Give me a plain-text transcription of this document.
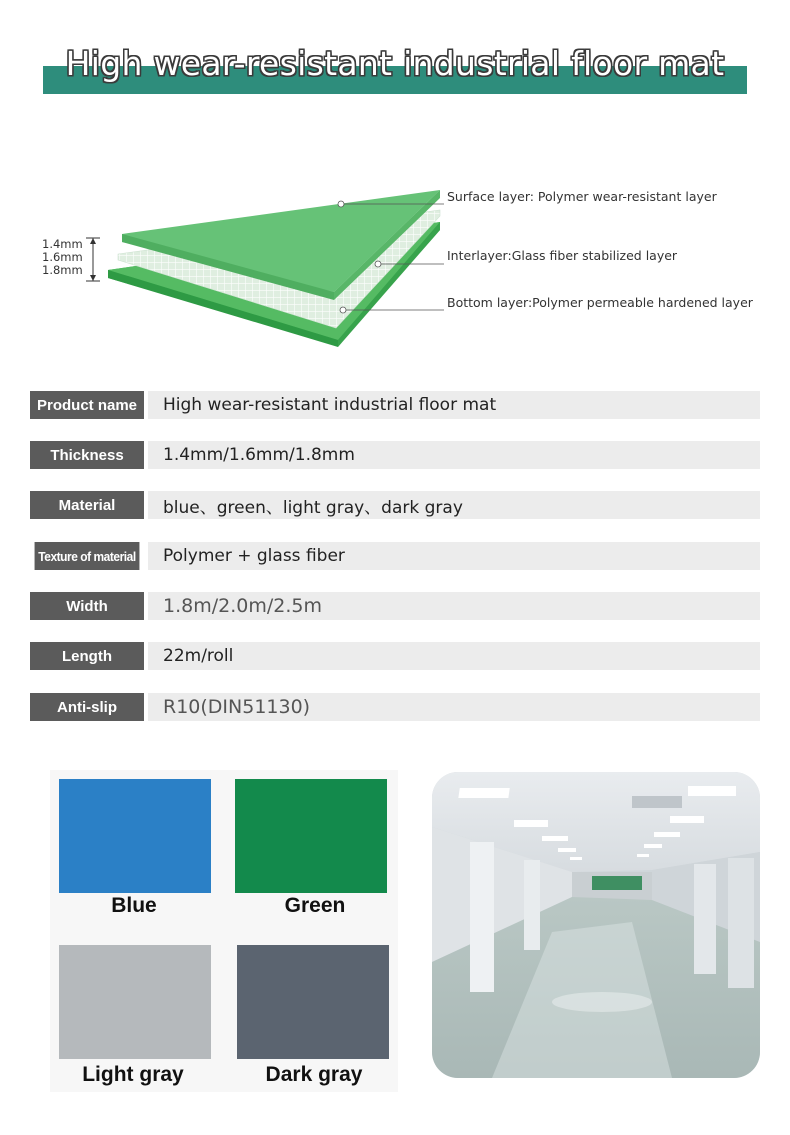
High wear-resistant industrial floor mat
1.4mm
1.6mm
1.8mm
Surface layer: Polymer wear-resistant layer
Interlayer:Glass fiber stabilized layer
Bottom layer:Polymer permeable hardened layer
Product name	High wear-resistant industrial floor mat
Thickness	1.4mm/1.6mm/1.8mm
Material	blue、green、light gray、dark gray
Texture of material	Polymer + glass fiber
Width	1.8m/2.0m/2.5m
Length	22m/roll
Anti-slip	R10(DIN51130)
Blue	Green
Light gray	Dark gray
